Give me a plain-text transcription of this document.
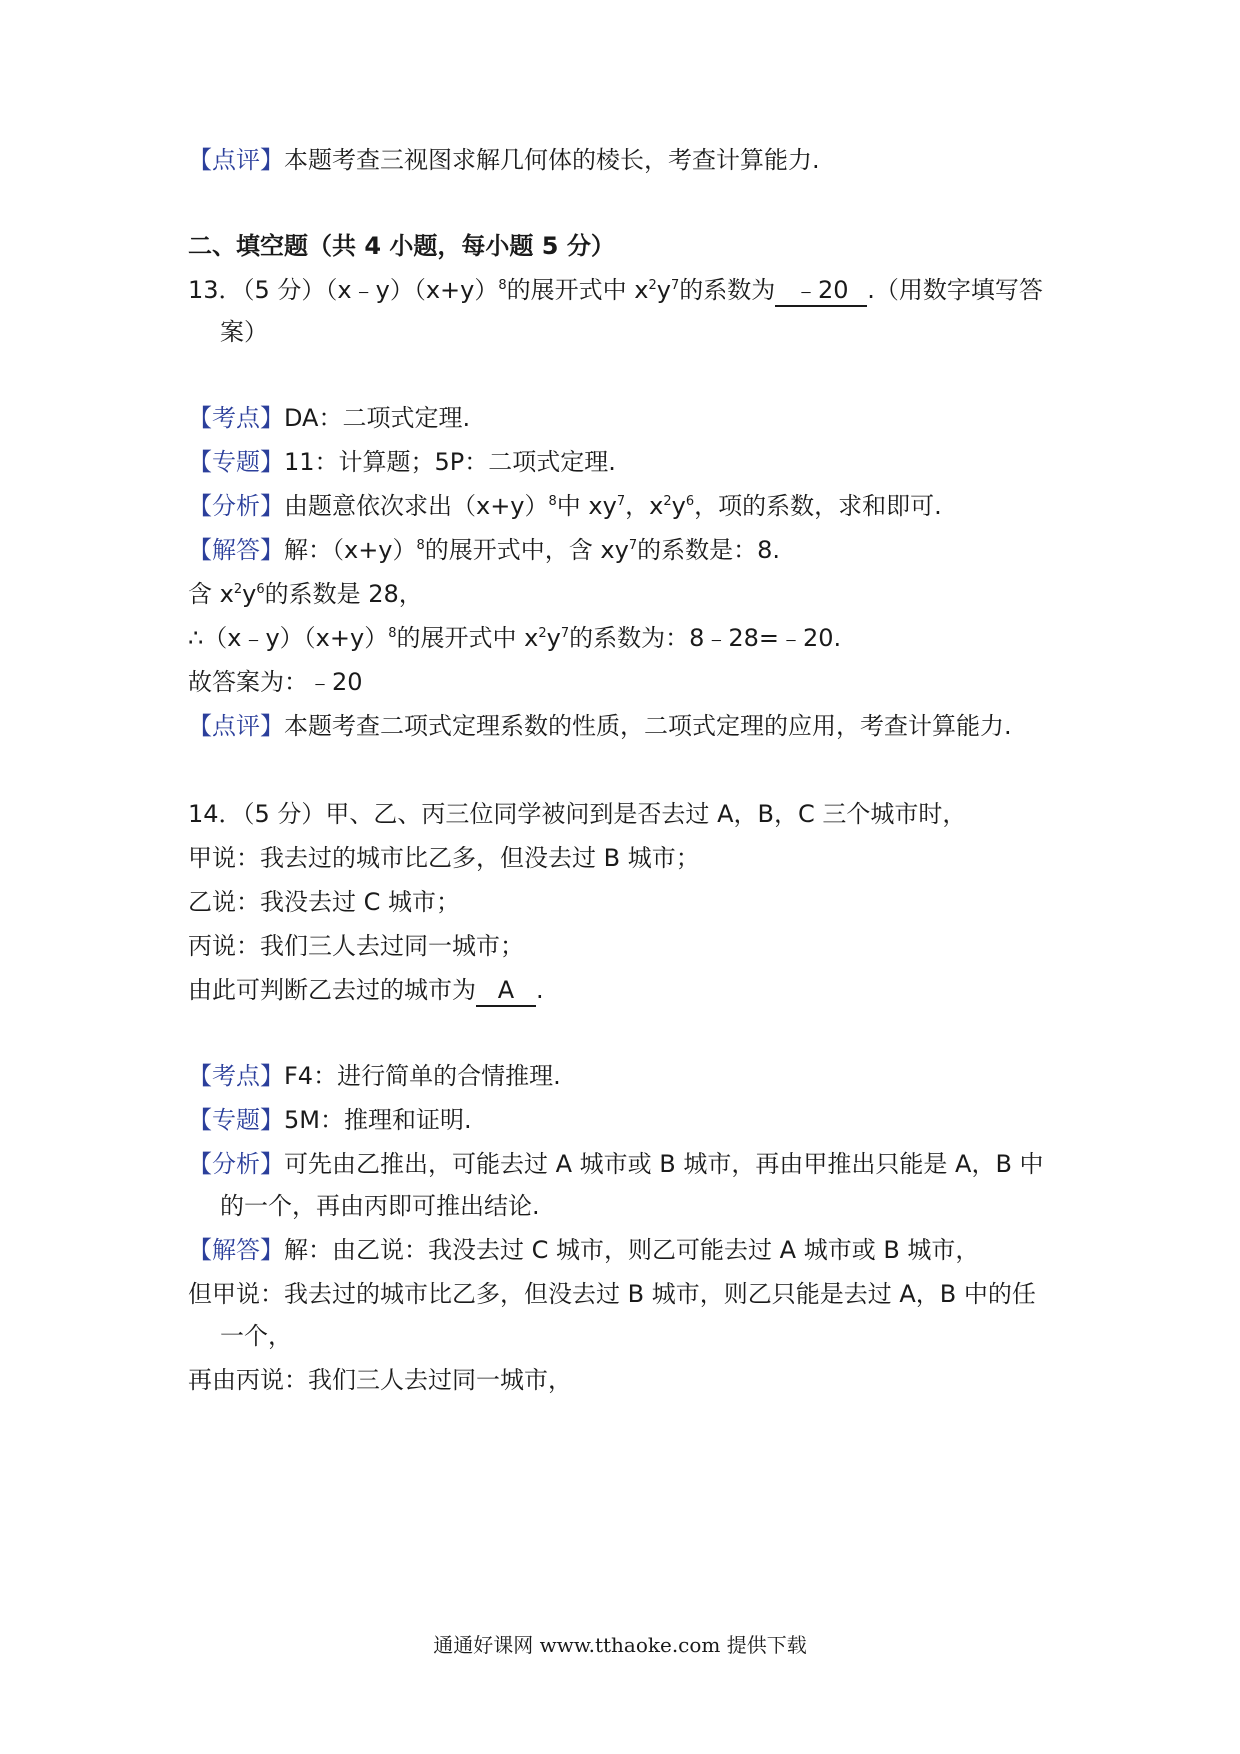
【点评】本题考查三视图求解几何体的棱长，考查计算能力.
二、填空题（共 4 小题，每小题 5 分）
13．（5 分）$(x﹣y)(x+y)^8$的展开式中 $x^2y^7$的系数为 ﹣20 .（用数字填写答
案）
【考点】DA：二项式定理.
【专题】11：计算题；5P：二项式定理.
【分析】由题意依次求出$(x+y)^8$中 $xy^7$，$x^2y^6$，项的系数，求和即可.
【解答】解：$(x+y)^8$的展开式中，含 $xy^7$的系数是：8.
含 $x^2y^6$的系数是 28，
$\therefore(x﹣y)(x+y)^8$的展开式中 $x^2y^7$的系数为：8﹣28=﹣20.
故答案为：﹣20
【点评】本题考查二项式定理系数的性质，二项式定理的应用，考查计算能力.
14．（5 分）甲、乙、丙三位同学被问到是否去过 A，B，C 三个城市时，
甲说：我去过的城市比乙多，但没去过 B 城市；
乙说：我没去过 C 城市；
丙说：我们三人去过同一城市；
由此可判断乙去过的城市为 A .
【考点】F4：进行简单的合情推理.
【专题】5M：推理和证明.
【分析】可先由乙推出，可能去过 A 城市或 B 城市，再由甲推出只能是 A，B 中
的一个，再由丙即可推出结论.
【解答】解：由乙说：我没去过 C 城市，则乙可能去过 A 城市或 B 城市，
但甲说：我去过的城市比乙多，但没去过 B 城市，则乙只能是去过 A，B 中的任
一个，
再由丙说：我们三人去过同一城市，
通通好课网 www.tthaoke.com 提供下载
